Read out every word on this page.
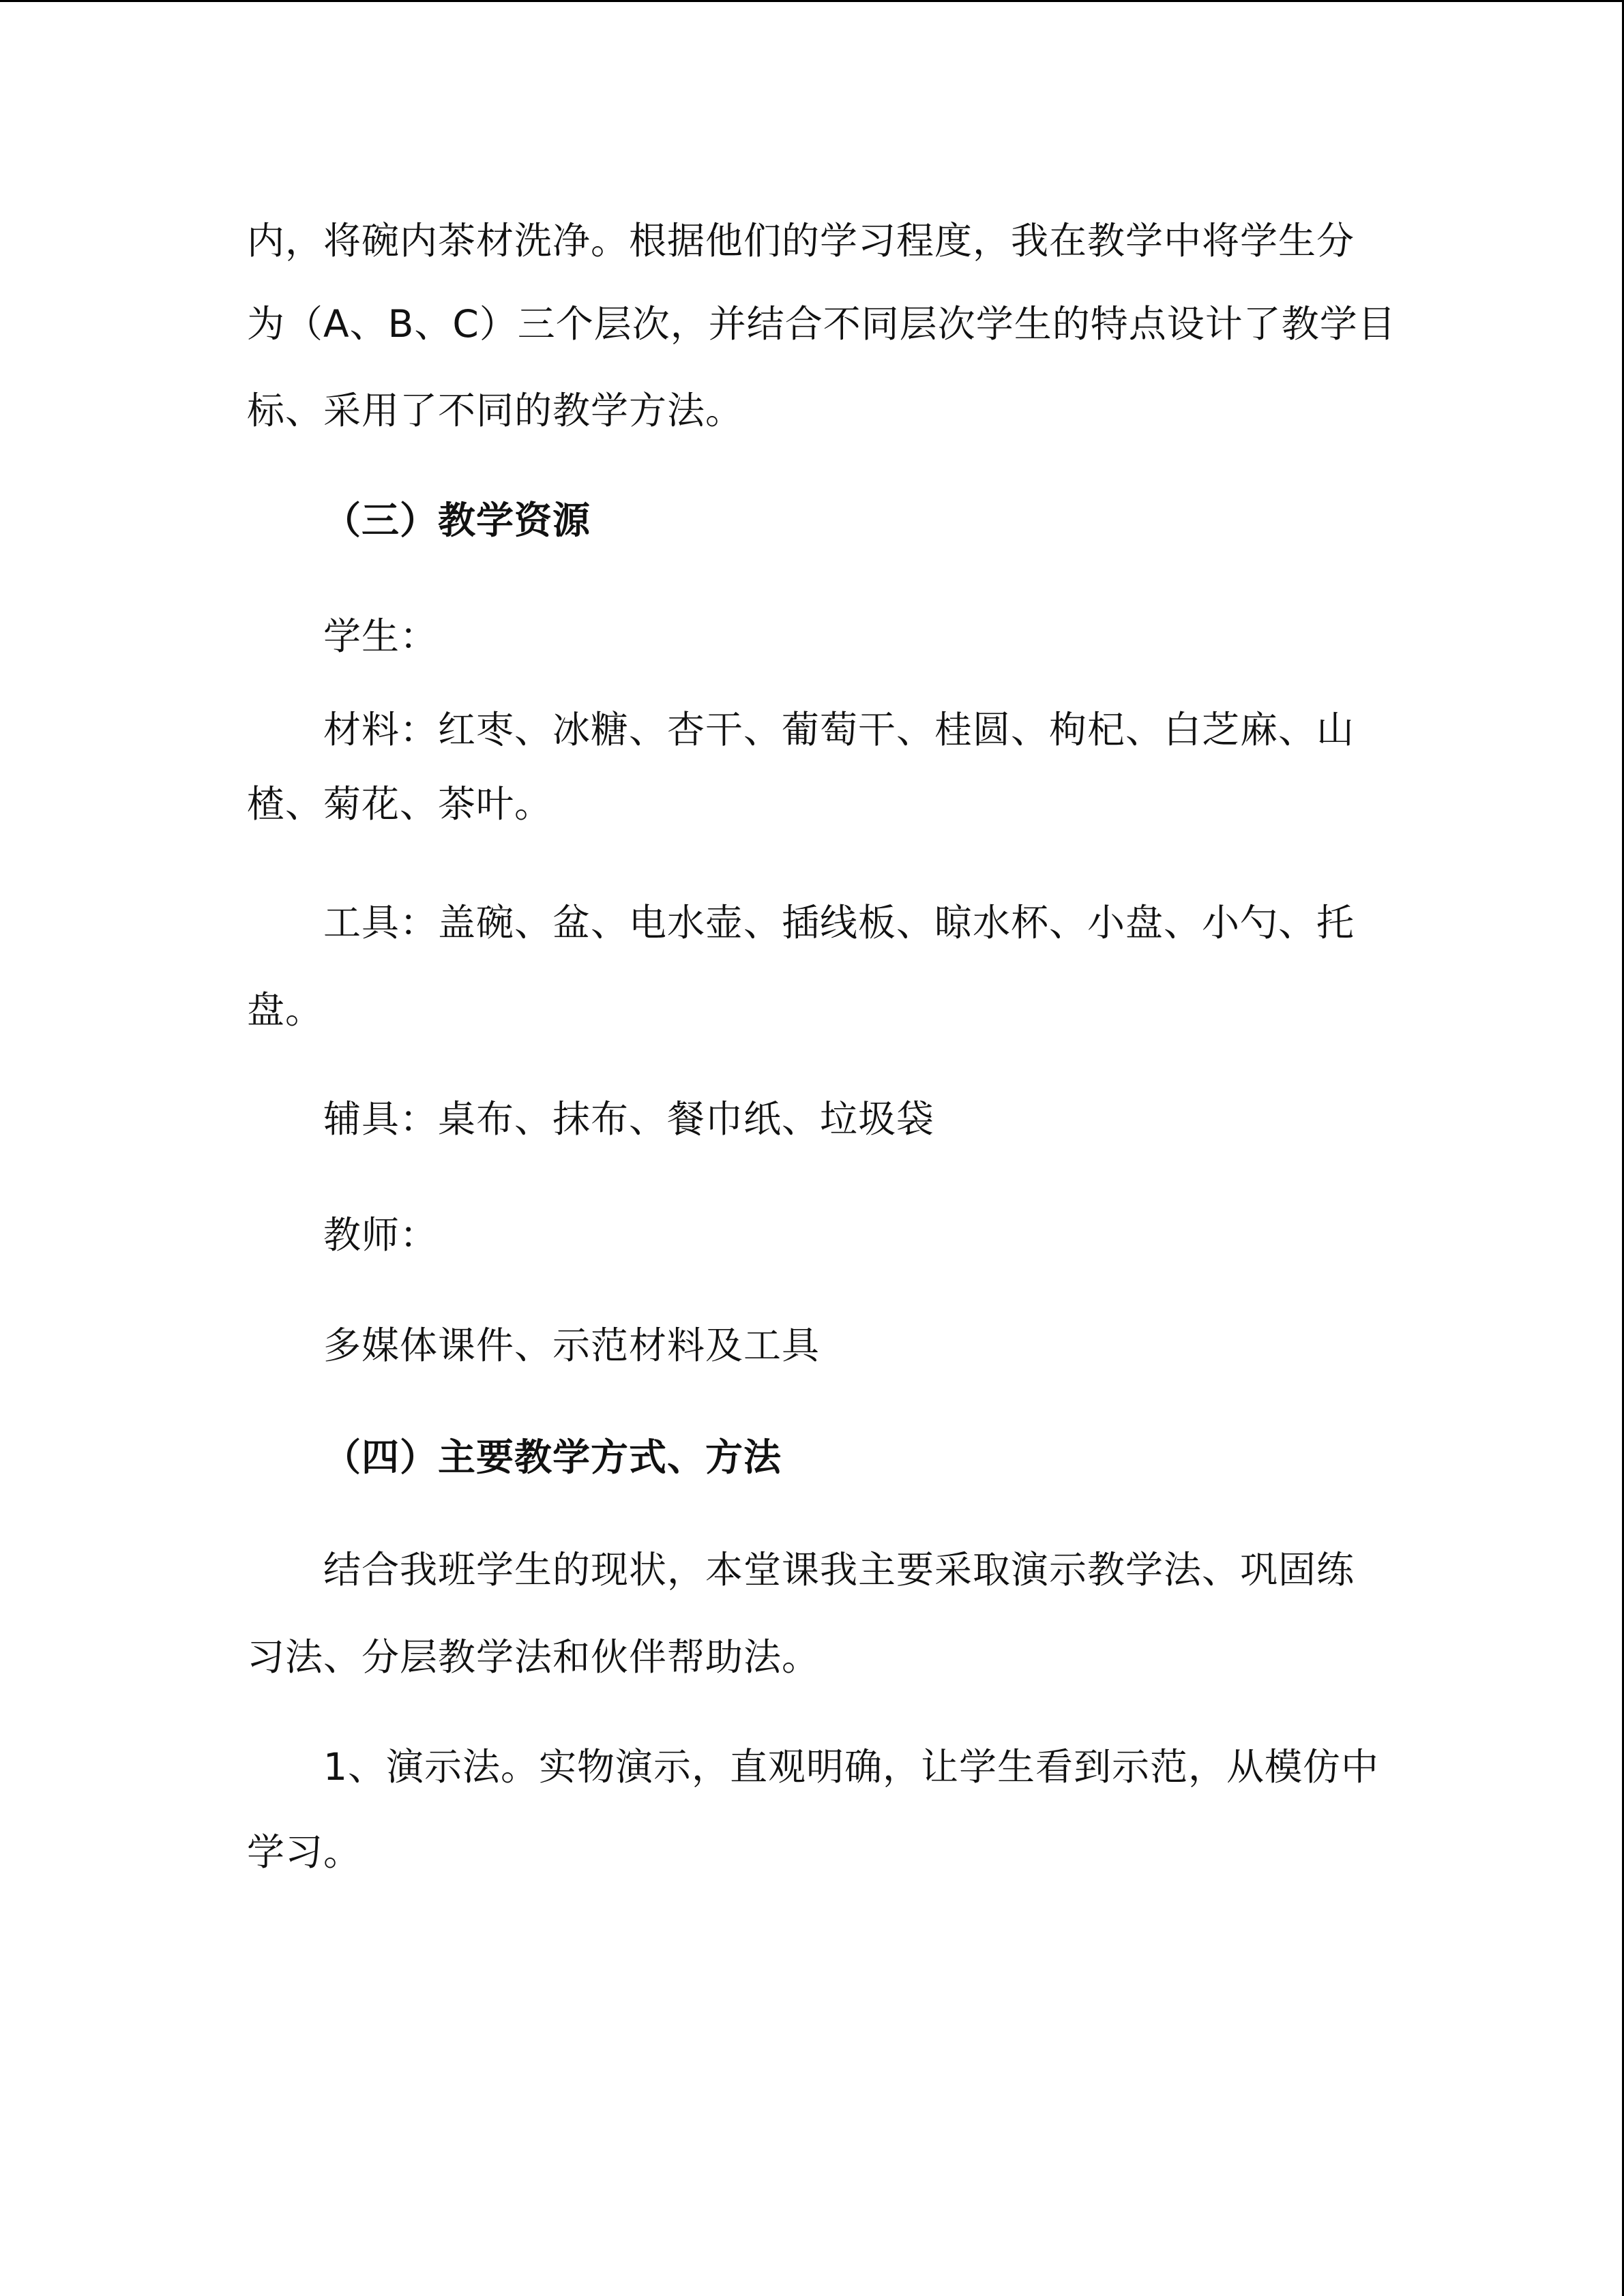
内，将碗内茶材洗净。根据他们的学习程度，我在教学中将学生分
为（A、B、C）三个层次，并结合不同层次学生的特点设计了教学目
标、采用了不同的教学方法。
（三）教学资源
学生：
材料：红枣、冰糖、杏干、葡萄干、桂圆、枸杞、白芝麻、山
楂、菊花、茶叶。
工具：盖碗、盆、电水壶、插线板、晾水杯、小盘、小勺、托
盘。
辅具：桌布、抹布、餐巾纸、垃圾袋
教师：
多媒体课件、示范材料及工具
（四）主要教学方式、方法
结合我班学生的现状，本堂课我主要采取演示教学法、巩固练
习法、分层教学法和伙伴帮助法。
1、演示法。实物演示，直观明确，让学生看到示范，从模仿中
学习。
